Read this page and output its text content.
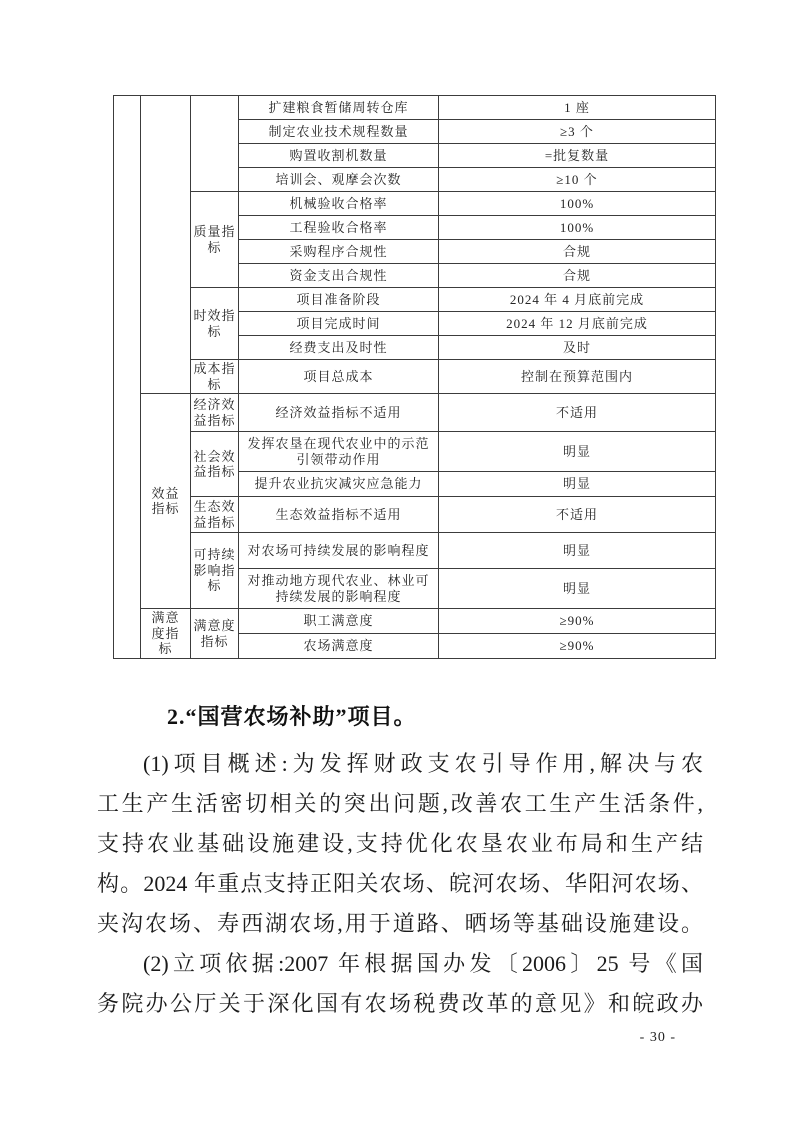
			扩建粮食暂储周转仓库	1 座
			制定农业技术规程数量	≥3 个
			购置收割机数量	=批复数量
			培训会、观摩会次数	≥10 个
		质量指标	机械验收合格率	100%
			工程验收合格率	100%
			采购程序合规性	合规
			资金支出合规性	合规
		时效指标	项目准备阶段	2024 年 4 月底前完成
			项目完成时间	2024 年 12 月底前完成
			经费支出及时性	及时
		成本指标	项目总成本	控制在预算范围内
	效益指标	经济效益指标	经济效益指标不适用	不适用
		社会效益指标	发挥农垦在现代农业中的示范引领带动作用	明显
			提升农业抗灾减灾应急能力	明显
		生态效益指标	生态效益指标不适用	不适用
		可持续影响指标	对农场可持续发展的影响程度	明显
			对推动地方现代农业、林业可持续发展的影响程度	明显
	满意度指标	满意度指标	职工满意度	≥90%
			农场满意度	≥90%
2.“国营农场补助”项目。
(1)项目概述:为发挥财政支农引导作用,解决与农
工生产生活密切相关的突出问题,改善农工生产生活条件,
支持农业基础设施建设,支持优化农垦农业布局和生产结
构。2024 年重点支持正阳关农场、皖河农场、华阳河农场、
夹沟农场、寿西湖农场,用于道路、晒场等基础设施建设。
(2)立项依据:2007 年根据国办发〔2006〕25 号《国
务院办公厅关于深化国有农场税费改革的意见》和皖政办
- 30 -
